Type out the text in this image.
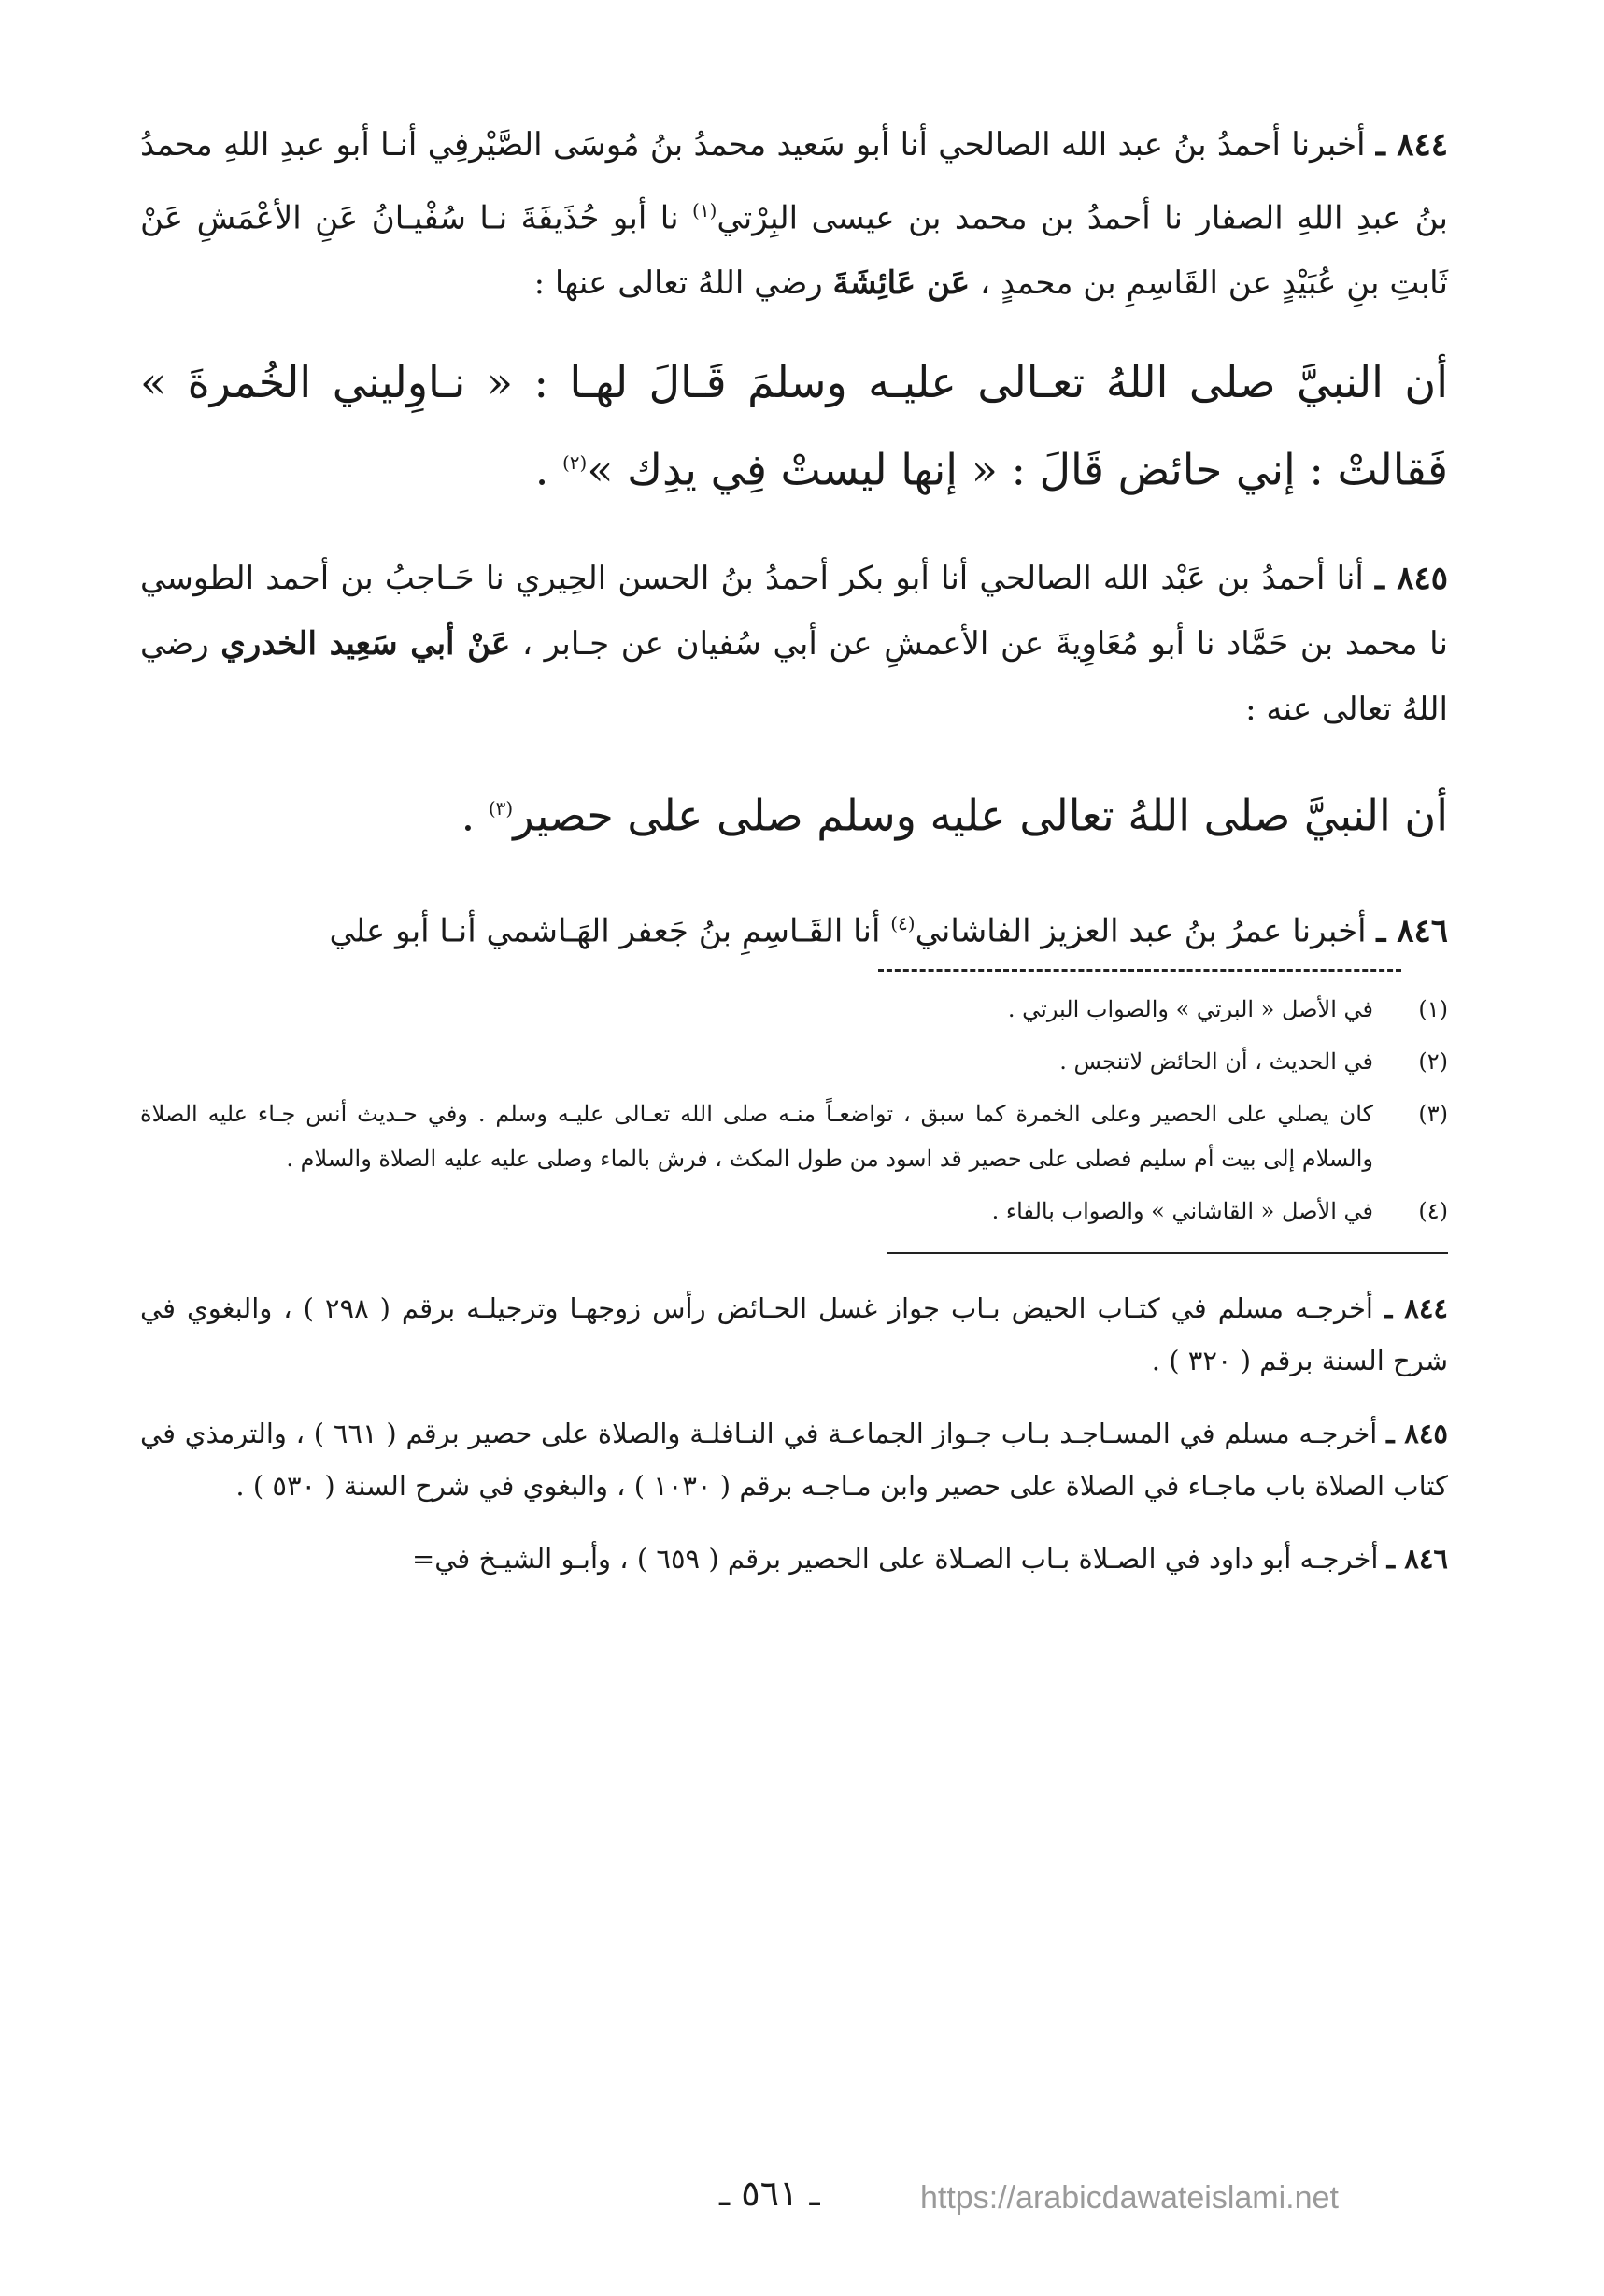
٨٤٤ ـ أخبرنا أحمدُ بنُ عبد الله الصالحي أنا أبو سَعيد محمدُ بنُ مُوسَى الصَّيْرفِي أنـا أبو عبدِ اللهِ محمدُ بنُ عبدِ اللهِ الصفار نا أحمدُ بن محمد بن عيسى البِرْتي$^{(١)}$ نا أبو حُذَيفَةَ نـا سُفْيـانُ عَنِ الأعْمَشِ عَنْ ثَابتِ بنِ عُبَيْدٍ عن القَاسِمِ بن محمدٍ ، عَن عَائِشَةَ رضي اللهُ تعالى عنها :

أن النبيَّ صلى اللهُ تعـالى عليـه وسلمَ قَـالَ لهـا : « نـاوِليني الخُمرةَ » فَقالتْ : إني حائض قَالَ : « إنها ليستْ فِي يدِك »$^{(٢)}$ .

٨٤٥ ـ أنا أحمدُ بن عَبْد الله الصالحي أنا أبو بكر أحمدُ بنُ الحسن الحِيري نا حَـاجبُ بن أحمد الطوسي نا محمد بن حَمَّاد نا أبو مُعَاوِيةَ عن الأعمشِ عن أبي سُفيان عن جـابر ، عَنْ أبي سَعِيد الخدري رضي اللهُ تعالى عنه :

أن النبيَّ صلى اللهُ تعالى عليه وسلم صلى على حصير$^{(٣)}$ .

٨٤٦ ـ أخبرنا عمرُ بنُ عبد العزيز الفاشاني$^{(٤)}$ أنا القَـاسِمِ بنُ جَعفر الهَـاشمي أنـا أبو علي

(١)
في الأصل « البرتي » والصواب البرتي .
(٢)
في الحديث ، أن الحائض لاتنجس .
(٣)
كان يصلي على الحصير وعلى الخمرة كما سبق ، تواضعـاً منـه صلى الله تعـالى عليـه وسلم . وفي حـديث أنس جـاء عليه الصلاة والسلام إلى بيت أم سليم فصلى على حصير قد اسود من طول المكث ، فرش بالماء وصلى عليه عليه الصلاة والسلام .
(٤)
في الأصل « القاشاني » والصواب بالفاء .

٨٤٤ ـ أخرجـه مسلم في كتـاب الحيض بـاب جواز غسل الحـائض رأس زوجهـا وترجيلـه برقم ( ٢٩٨ ) ، والبغوي في شرح السنة برقم ( ٣٢٠ ) .

٨٤٥ ـ أخرجـه مسلم في المسـاجـد بـاب جـواز الجماعـة في النـافلـة والصلاة على حصير برقم ( ٦٦١ ) ، والترمذي في كتاب الصلاة باب ماجـاء في الصلاة على حصير وابن مـاجـه برقم ( ١٠٣٠ ) ، والبغوي في شرح السنة ( ٥٣٠ ) .

٨٤٦ ـ أخرجـه أبو داود في الصـلاة بـاب الصـلاة على الحصير برقم ( ٦٥٩ ) ، وأبـو الشيـخ في=

ـ ٥٦١ ـ	https://arabicdawateislami.net
